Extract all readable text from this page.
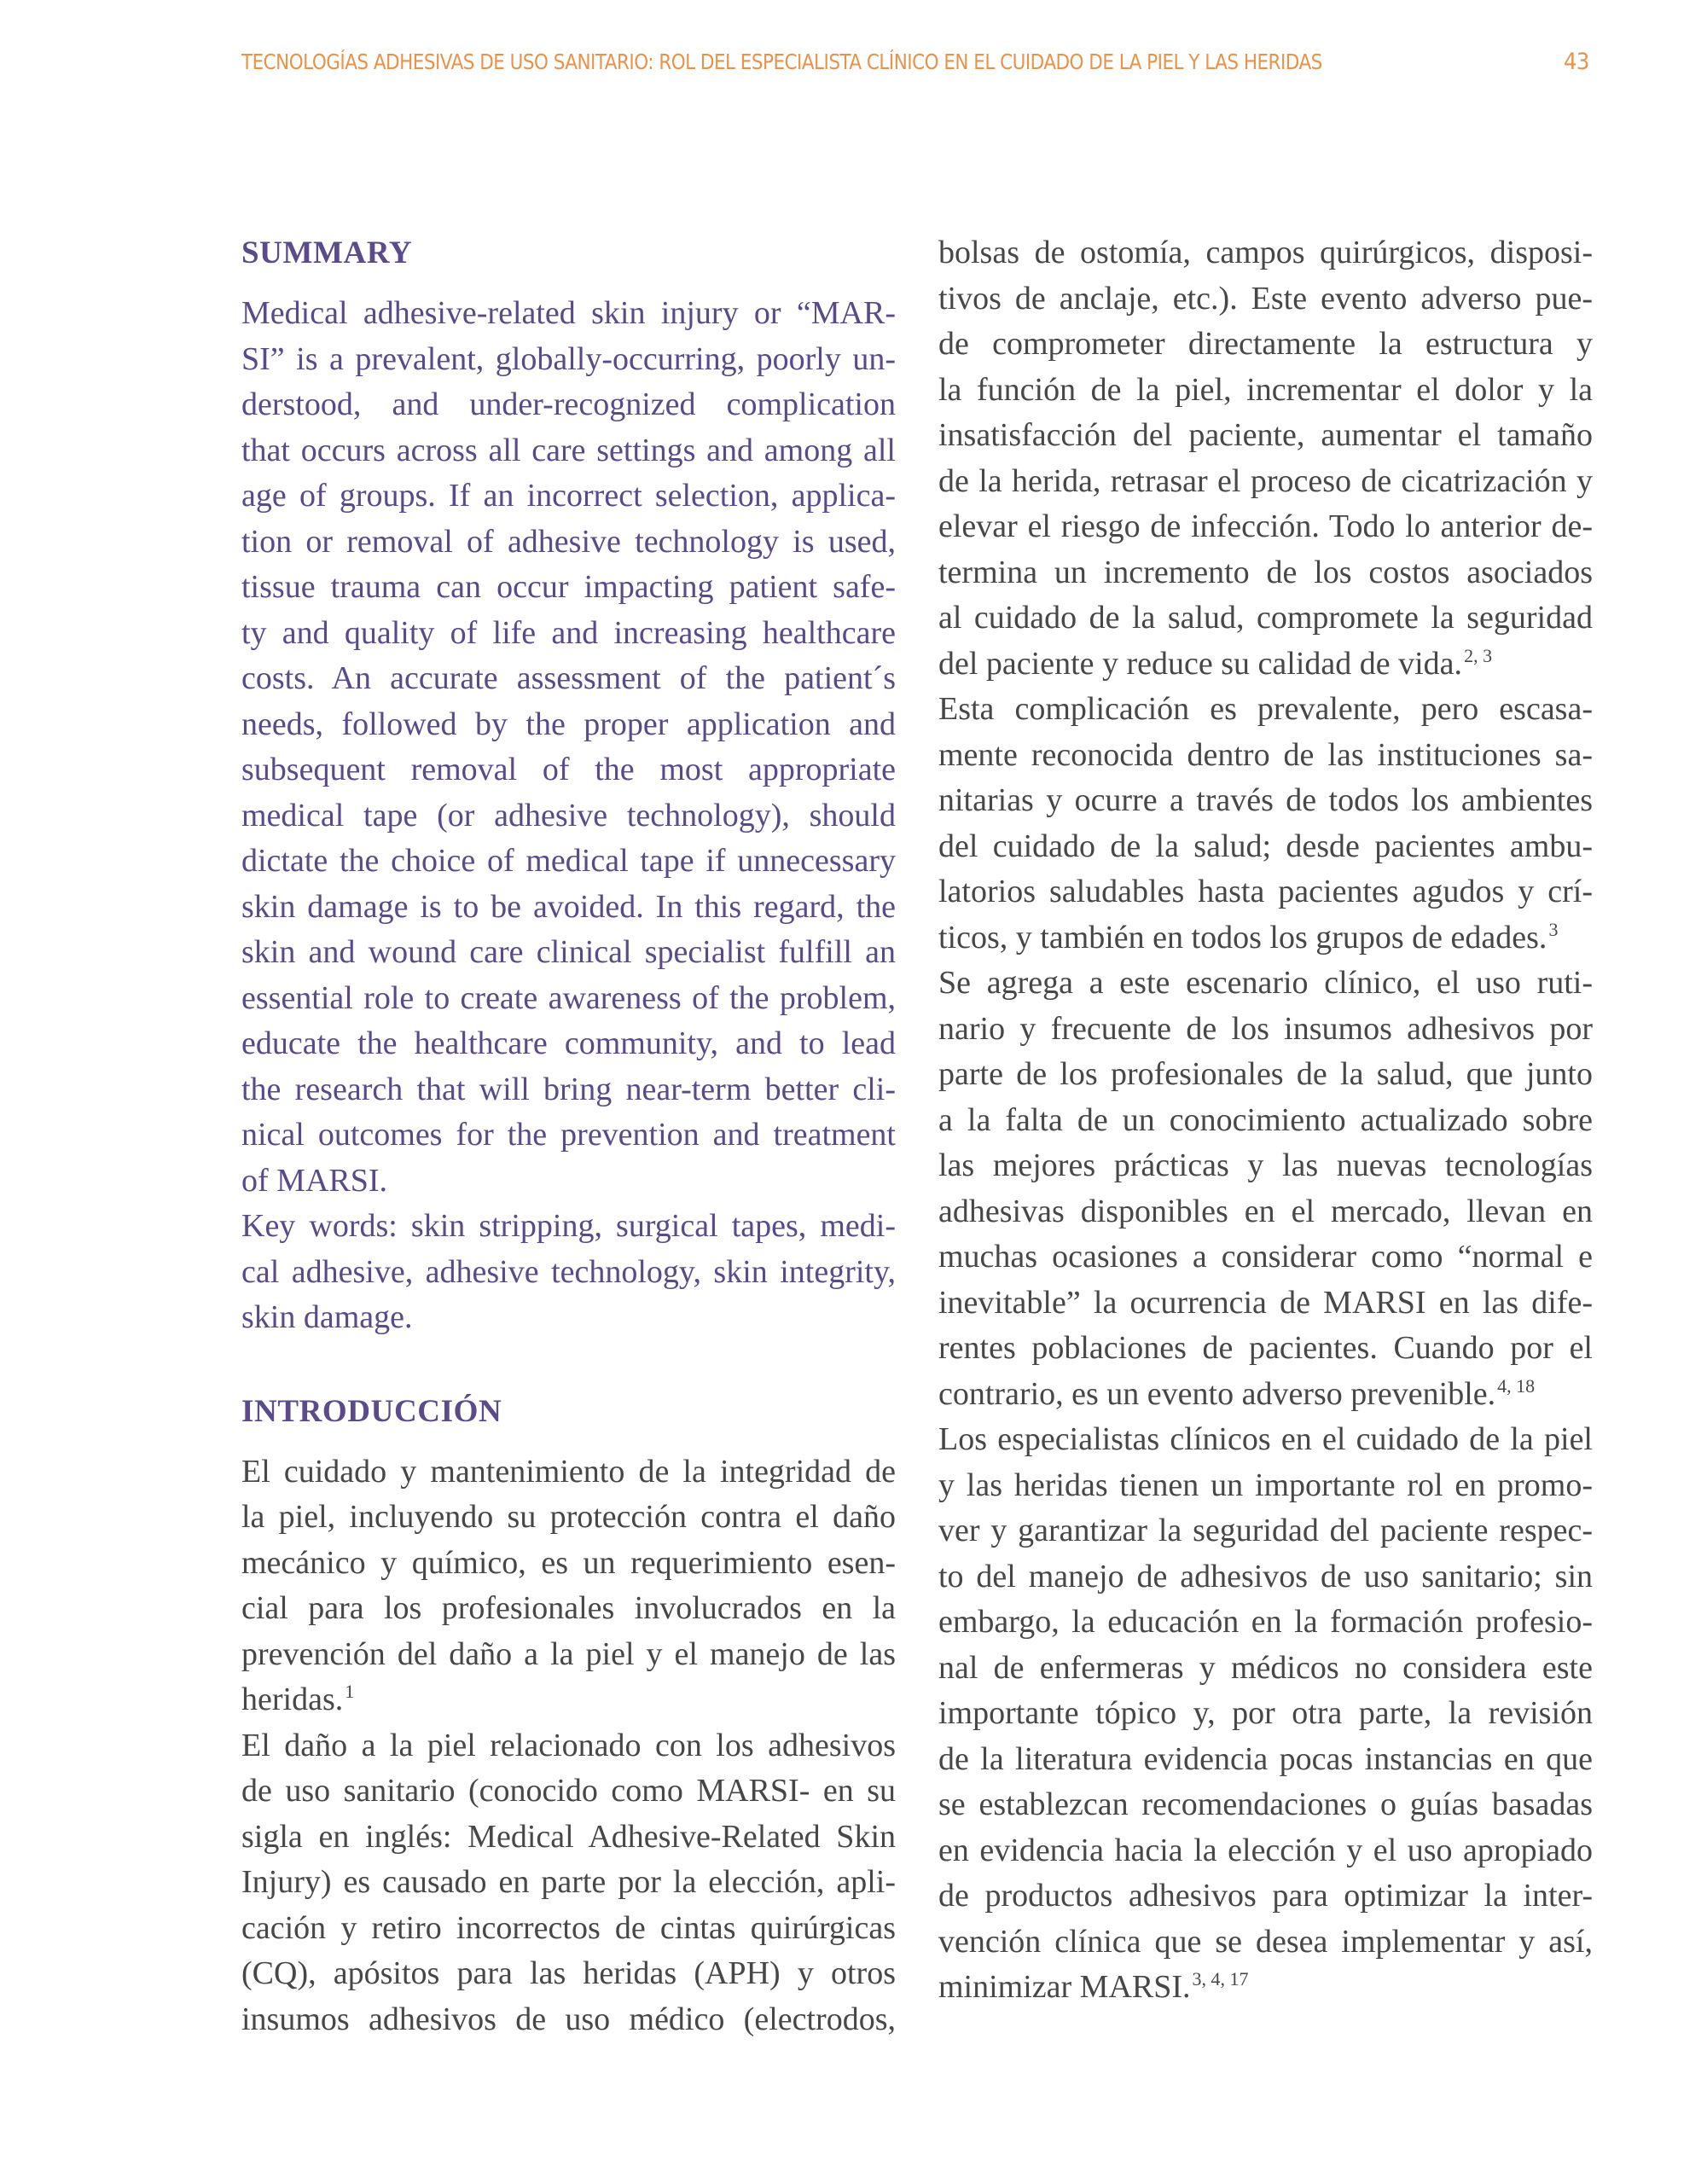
TECNOLOGÍAS ADHESIVAS DE USO SANITARIO: ROL DEL ESPECIALISTA CLÍNICO EN EL CUIDADO DE LA PIEL Y LAS HERIDAS	43
SUMMARY
Medical adhesive-related skin injury or “MAR-
SI” is a prevalent, globally-occurring, poorly un-
derstood, and under-recognized complication
that occurs across all care settings and among all
age of groups. If an incorrect selection, applica-
tion or removal of adhesive technology is used,
tissue trauma can occur impacting patient safe-
ty and quality of life and increasing healthcare
costs. An accurate assessment of the patient´s
needs, followed by the proper application and
subsequent removal of the most appropriate
medical tape (or adhesive technology), should
dictate the choice of medical tape if unnecessary
skin damage is to be avoided. In this regard, the
skin and wound care clinical specialist fulfill an
essential role to create awareness of the problem,
educate the healthcare community, and to lead
the research that will bring near-term better cli-
nical outcomes for the prevention and treatment
of MARSI.
Key words: skin stripping, surgical tapes, medi-
cal adhesive, adhesive technology, skin integrity,
skin damage.
INTRODUCCIÓN
El cuidado y mantenimiento de la integridad de
la piel, incluyendo su protección contra el daño
mecánico y químico, es un requerimiento esen-
cial para los profesionales involucrados en la
prevención del daño a la piel y el manejo de las
heridas.$^1$
El daño a la piel relacionado con los adhesivos
de uso sanitario (conocido como MARSI- en su
sigla en inglés: Medical Adhesive-Related Skin
Injury) es causado en parte por la elección, apli-
cación y retiro incorrectos de cintas quirúrgicas
(CQ), apósitos para las heridas (APH) y otros
insumos adhesivos de uso médico (electrodos,
bolsas de ostomía, campos quirúrgicos, disposi-
tivos de anclaje, etc.). Este evento adverso pue-
de comprometer directamente la estructura y
la función de la piel, incrementar el dolor y la
insatisfacción del paciente, aumentar el tamaño
de la herida, retrasar el proceso de cicatrización y
elevar el riesgo de infección. Todo lo anterior de-
termina un incremento de los costos asociados
al cuidado de la salud, compromete la seguridad
del paciente y reduce su calidad de vida.$^{2, 3}$
Esta complicación es prevalente, pero escasa-
mente reconocida dentro de las instituciones sa-
nitarias y ocurre a través de todos los ambientes
del cuidado de la salud; desde pacientes ambu-
latorios saludables hasta pacientes agudos y crí-
ticos, y también en todos los grupos de edades.$^3$
Se agrega a este escenario clínico, el uso ruti-
nario y frecuente de los insumos adhesivos por
parte de los profesionales de la salud, que junto
a la falta de un conocimiento actualizado sobre
las mejores prácticas y las nuevas tecnologías
adhesivas disponibles en el mercado, llevan en
muchas ocasiones a considerar como “normal e
inevitable” la ocurrencia de MARSI en las dife-
rentes poblaciones de pacientes. Cuando por el
contrario, es un evento adverso prevenible.$^{4, 18}$
Los especialistas clínicos en el cuidado de la piel
y las heridas tienen un importante rol en promo-
ver y garantizar la seguridad del paciente respec-
to del manejo de adhesivos de uso sanitario; sin
embargo, la educación en la formación profesio-
nal de enfermeras y médicos no considera este
importante tópico y, por otra parte, la revisión
de la literatura evidencia pocas instancias en que
se establezcan recomendaciones o guías basadas
en evidencia hacia la elección y el uso apropiado
de productos adhesivos para optimizar la inter-
vención clínica que se desea implementar y así,
minimizar MARSI.$^{3, 4, 17}$
